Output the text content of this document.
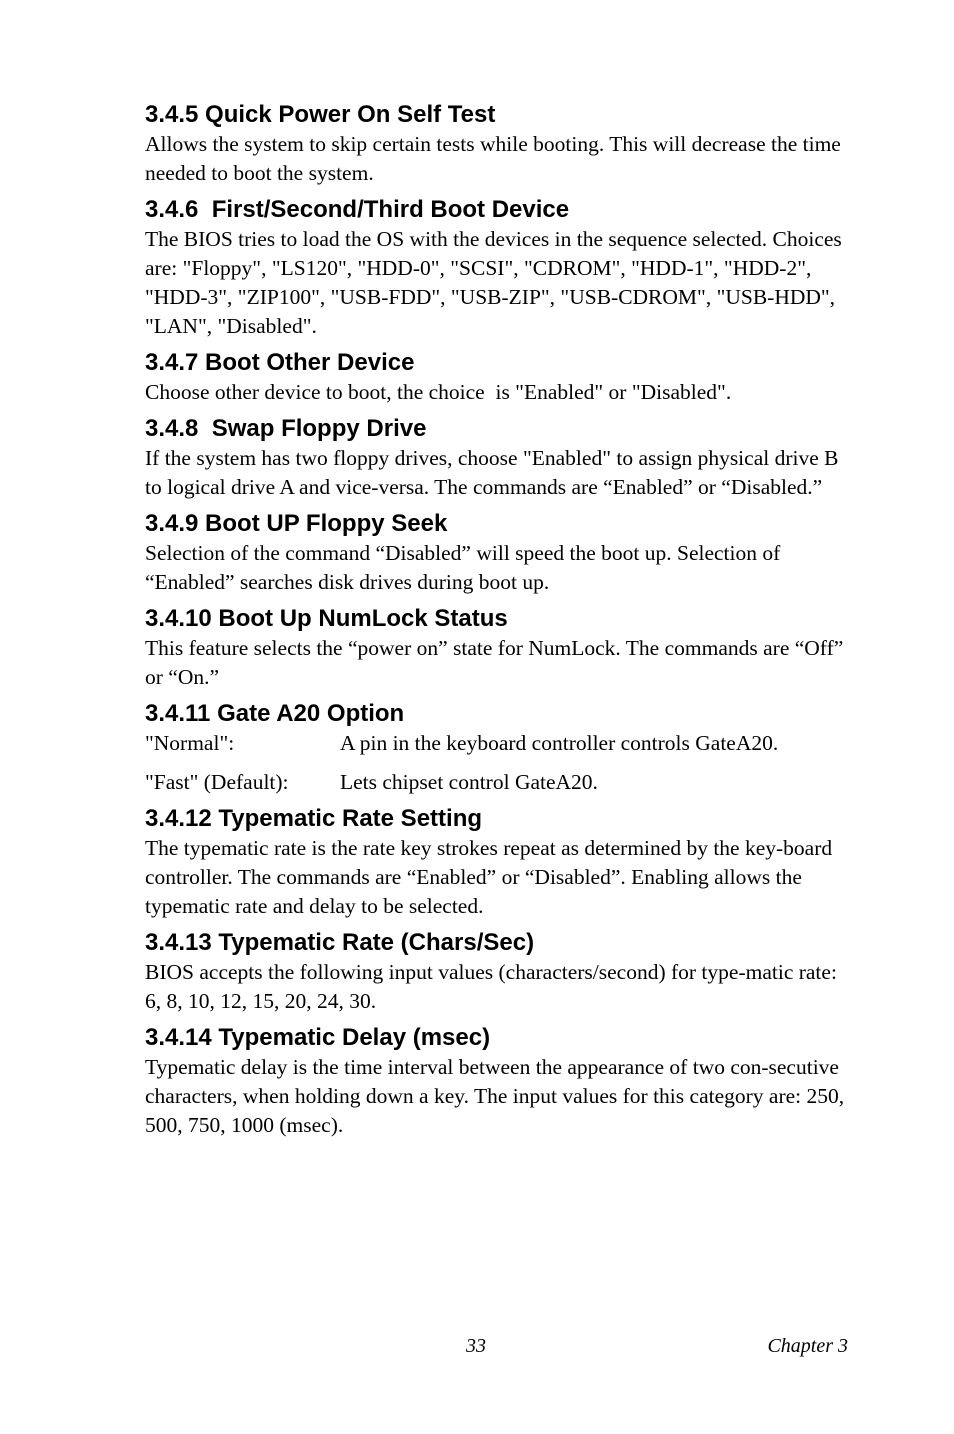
3.4.5 Quick Power On Self Test

Allows the system to skip certain tests while booting. This will decrease the time needed to boot the system.

3.4.6  First/Second/Third Boot Device

The BIOS tries to load the OS with the devices in the sequence selected. Choices are: "Floppy", "LS120", "HDD-0", "SCSI", "CDROM", "HDD-1", "HDD-2", "HDD-3", "ZIP100", "USB-FDD", "USB-ZIP", "USB-CDROM", "USB-HDD", "LAN", "Disabled".

3.4.7 Boot Other Device

Choose other device to boot, the choice  is "Enabled" or "Disabled".

3.4.8  Swap Floppy Drive

If the system has two floppy drives, choose "Enabled" to assign physical drive B to logical drive A and vice-versa. The commands are “Enabled” or “Disabled.”

3.4.9 Boot UP Floppy Seek

Selection of the command “Disabled” will speed the boot up. Selection of “Enabled” searches disk drives during boot up.

3.4.10 Boot Up NumLock Status

This feature selects the “power on” state for NumLock. The commands are “Off” or “On.”

3.4.11 Gate A20 Option
"Normal":	A pin in the keyboard controller controls GateA20.
"Fast" (Default):	Lets chipset control GateA20.
3.4.12 Typematic Rate Setting

The typematic rate is the rate key strokes repeat as determined by the key-board controller. The commands are “Enabled” or “Disabled”. Enabling allows the typematic rate and delay to be selected.

3.4.13 Typematic Rate (Chars/Sec)

BIOS accepts the following input values (characters/second) for type-matic rate: 6, 8, 10, 12, 15, 20, 24, 30.

3.4.14 Typematic Delay (msec)

Typematic delay is the time interval between the appearance of two con-secutive characters, when holding down a key. The input values for this category are: 250, 500, 750, 1000 (msec).

33	Chapter 3
